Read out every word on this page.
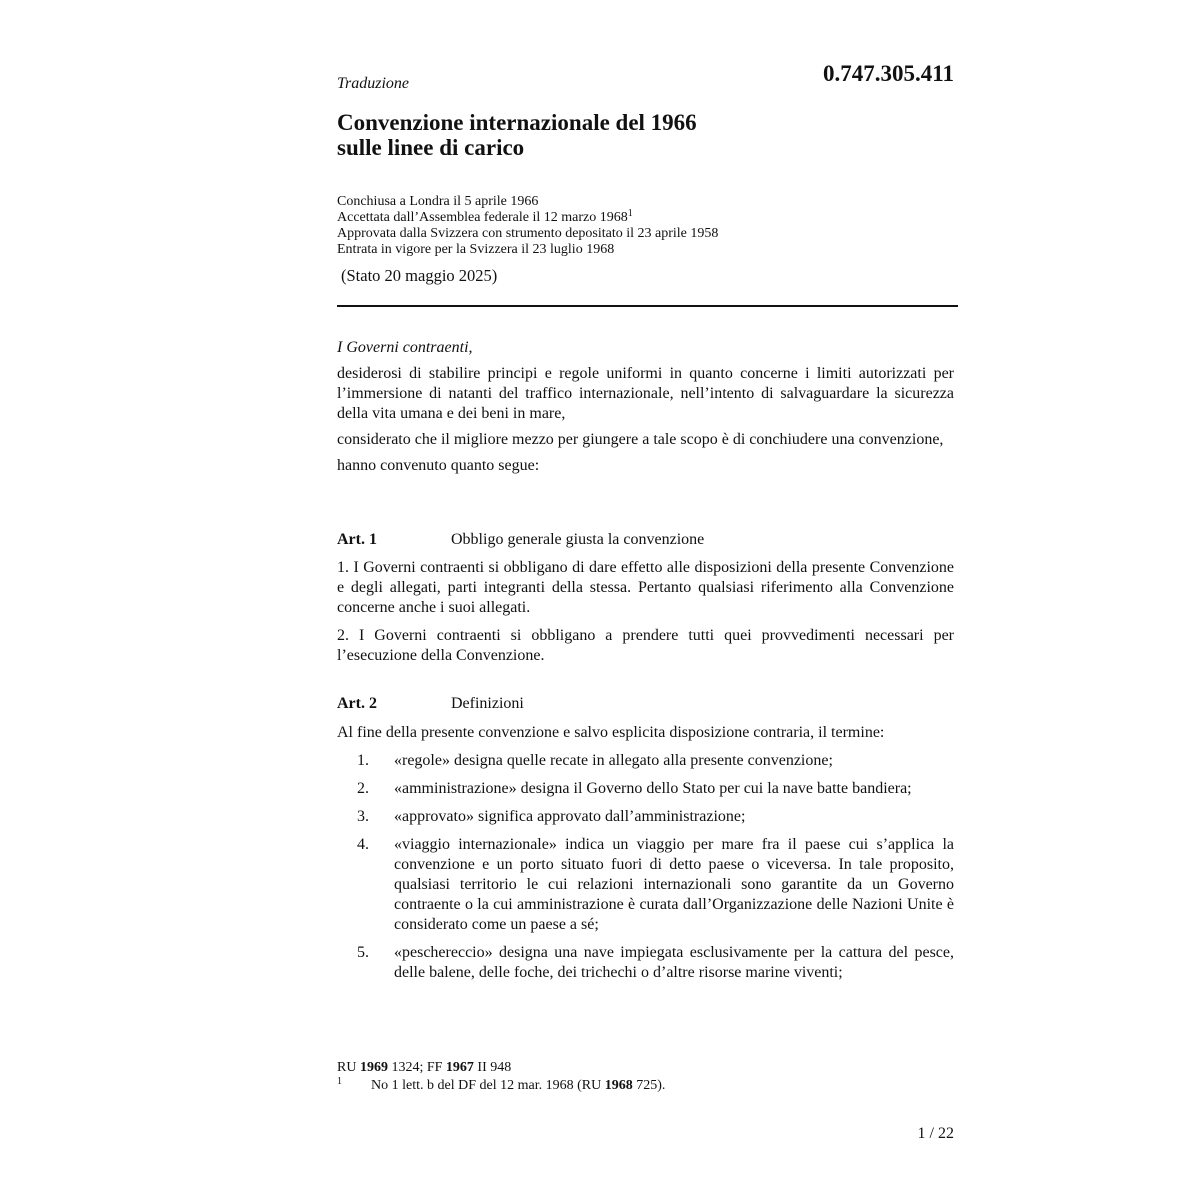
0.747.305.411
Traduzione
Convenzione internazionale del 1966
sulle linee di carico
Conchiusa a Londra il 5 aprile 1966
Accettata dall’Assemblea federale il 12 marzo 1968$^1$
Approvata dalla Svizzera con strumento depositato il 23 aprile 1958
Entrata in vigore per la Svizzera il 23 luglio 1968
(Stato 20 maggio 2025)

I Governi contraenti,

desiderosi di stabilire principi e regole uniformi in quanto concerne i limiti autorizzati per l’immersione di natanti del traffico internazionale, nell’intento di salvaguardare la sicurezza della vita umana e dei beni in mare,

considerato che il migliore mezzo per giungere a tale scopo è di conchiudere una convenzione,

hanno convenuto quanto segue:

Art. 1	Obbligo generale giusta la convenzione

1. I Governi contraenti si obbligano di dare effetto alle disposizioni della presente Convenzione e degli allegati, parti integranti della stessa. Pertanto qualsiasi riferimento alla Convenzione concerne anche i suoi allegati.

2. I Governi contraenti si obbligano a prendere tutti quei provvedimenti necessari per l’esecuzione della Convenzione.

Art. 2	Definizioni

Al fine della presente convenzione e salvo esplicita disposizione contraria, il termine:

1. «regole» designa quelle recate in allegato alla presente convenzione;

2. «amministrazione» designa il Governo dello Stato per cui la nave batte bandiera;

3. «approvato» significa approvato dall’amministrazione;

4. «viaggio internazionale» indica un viaggio per mare fra il paese cui s’applica la convenzione e un porto situato fuori di detto paese o viceversa. In tale proposito, qualsiasi territorio le cui relazioni internazionali sono garantite da un Governo contraente o la cui amministrazione è curata dall’Organizzazione delle Nazioni Unite è considerato come un paese a sé;

5. «peschereccio» designa una nave impiegata esclusivamente per la cattura del pesce, delle balene, delle foche, dei trichechi o d’altre risorse marine viventi;

RU 1969 1324; FF 1967 II 948
1 No 1 lett. b del DF del 12 mar. 1968 (RU 1968 725).
1 / 22
